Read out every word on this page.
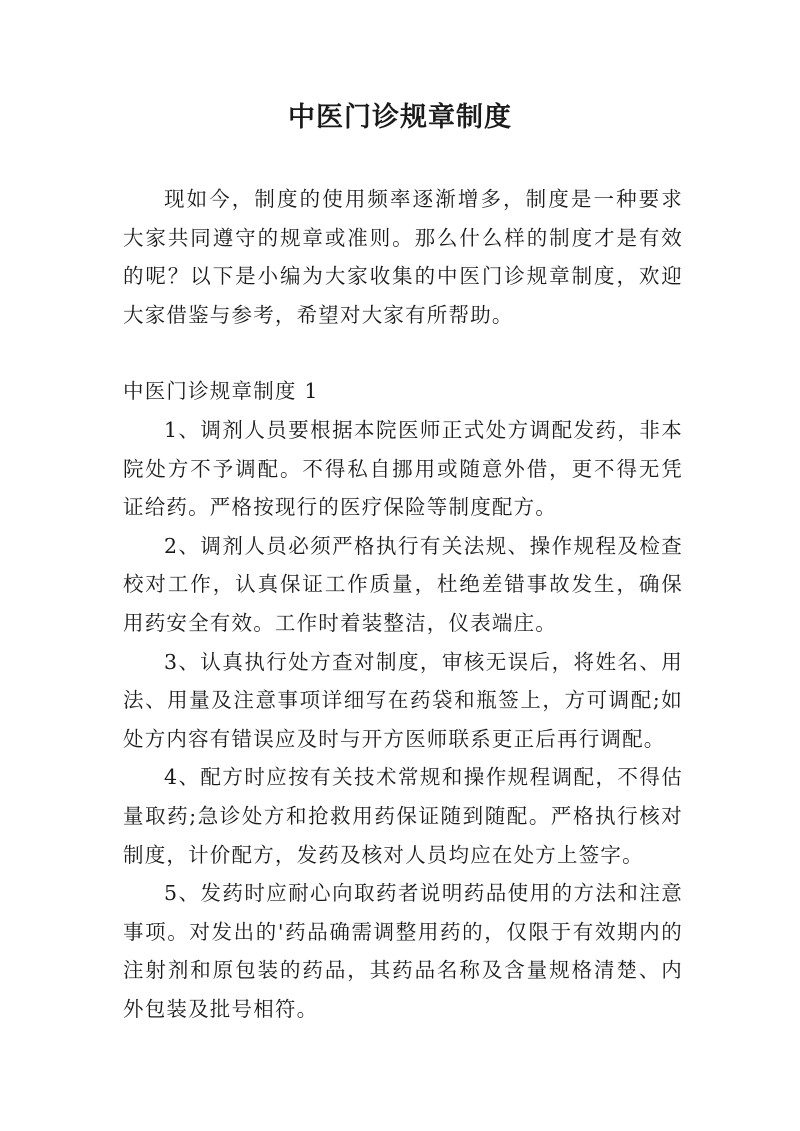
中医门诊规章制度

现如今，制度的使用频率逐渐增多，制度是一种要求大家共同遵守的规章或准则。那么什么样的制度才是有效的呢？以下是小编为大家收集的中医门诊规章制度，欢迎大家借鉴与参考，希望对大家有所帮助。

中医门诊规章制度 1

1、调剂人员要根据本院医师正式处方调配发药，非本院处方不予调配。不得私自挪用或随意外借，更不得无凭证给药。严格按现行的医疗保险等制度配方。

2、调剂人员必须严格执行有关法规、操作规程及检查校对工作，认真保证工作质量，杜绝差错事故发生，确保用药安全有效。工作时着装整洁，仪表端庄。

3、认真执行处方查对制度，审核无误后，将姓名、用法、用量及注意事项详细写在药袋和瓶签上，方可调配;如处方内容有错误应及时与开方医师联系更正后再行调配。

4、配方时应按有关技术常规和操作规程调配，不得估量取药;急诊处方和抢救用药保证随到随配。严格执行核对制度，计价配方，发药及核对人员均应在处方上签字。

5、发药时应耐心向取药者说明药品使用的方法和注意事项。对发出的'药品确需调整用药的，仅限于有效期内的注射剂和原包装的药品，其药品名称及含量规格清楚、内外包装及批号相符。
